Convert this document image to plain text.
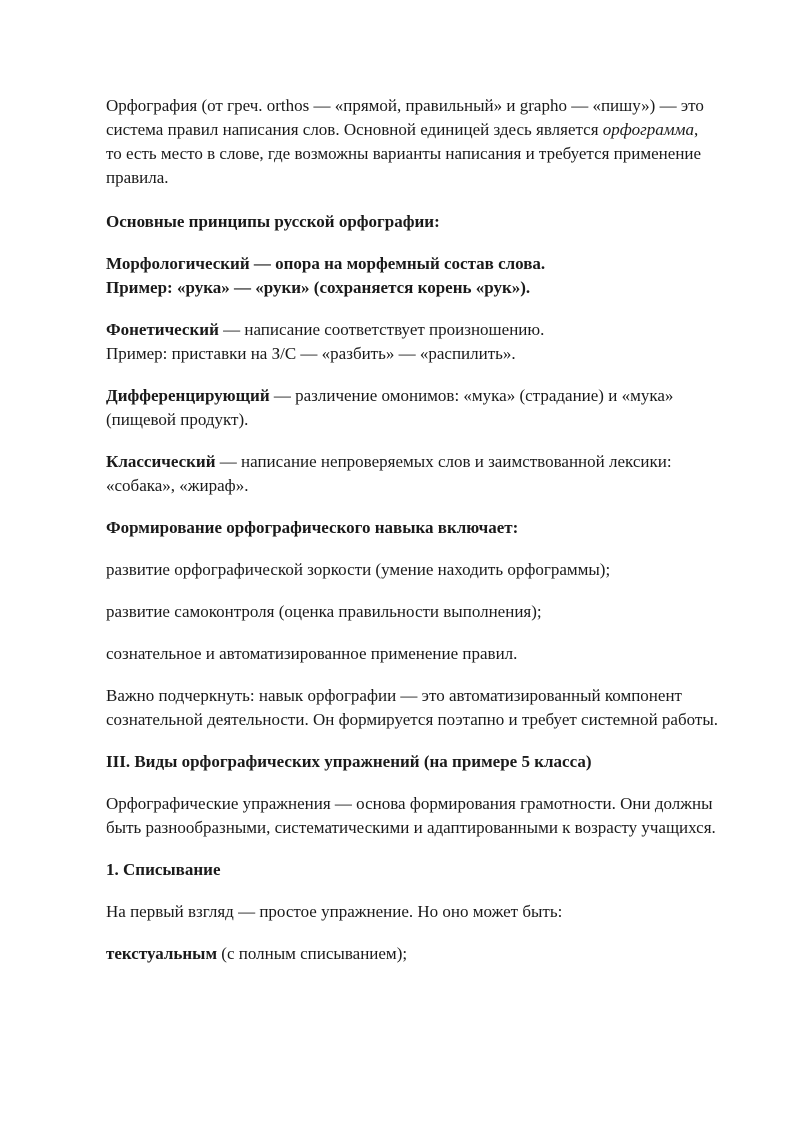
Орфография (от греч. orthos — «прямой, правильный» и grapho — «пишу») — это система правил написания слов. Основной единицей здесь является орфограмма, то есть место в слове, где возможны варианты написания и требуется применение правила.

Основные принципы русской орфографии:

Морфологический — опора на морфемный состав слова.
Пример: «рука» — «руки» (сохраняется корень «рук»).

Фонетический — написание соответствует произношению.
Пример: приставки на З/С — «разбить» — «распилить».

Дифференцирующий — различение омонимов: «мука» (страдание) и «мука» (пищевой продукт).

Классический — написание непроверяемых слов и заимствованной лексики: «собака», «жираф».

Формирование орфографического навыка включает:

развитие орфографической зоркости (умение находить орфограммы);

развитие самоконтроля (оценка правильности выполнения);

сознательное и автоматизированное применение правил.

Важно подчеркнуть: навык орфографии — это автоматизированный компонент сознательной деятельности. Он формируется поэтапно и требует системной работы.

III. Виды орфографических упражнений (на примере 5 класса)

Орфографические упражнения — основа формирования грамотности. Они должны быть разнообразными, систематическими и адаптированными к возрасту учащихся.

1. Списывание

На первый взгляд — простое упражнение. Но оно может быть:

текстуальным (с полным списыванием);
